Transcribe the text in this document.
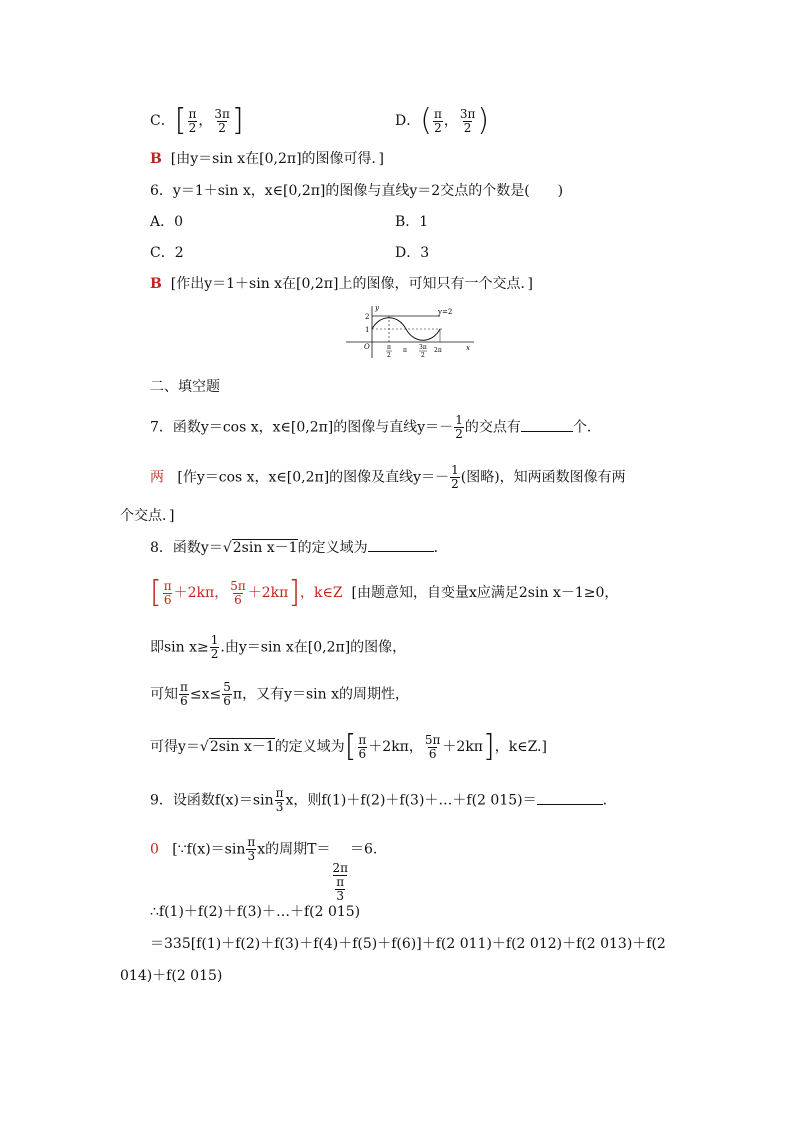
C．[ $\frac{\pi}{2}$ ， $\frac{3\pi}{2}$ ]	D．( $\frac{\pi}{2}$ ， $\frac{3\pi}{2}$ )
B [由y＝sin x在[0,2π]的图像可得．]
6．y＝1＋sin x，x∈[0,2π]的图像与直线y＝2交点的个数是(　　)
A．0	B．1
C．2	D．3
B [作出y＝1＋sin x在[0,2π]上的图像，可知只有一个交点．]
y
x
y=2
2
1
O	π
2
π 3π
2
2π
二、填空题
7．函数y＝cos x，x∈[0,2π]的图像与直线$y=- \frac{1}{2}$ 的交点有	个．
两 [作y＝cos x，x∈[0,2π]的图像及直线$y=- \frac{1}{2}$ (图略)，知两函数图像有两
个交点．]
8．函数y＝√2sin x－1的定义域为	．
[ $\frac{\pi}{6} +2k\pi$， $\frac{5\pi}{6} +2k\pi$]，k∈Z [由题意知，自变量x应满足2sin x－1≥0，
即$\sin x\ge \frac{1}{2}$ .由y＝sin x在[0,2π]的图像，
可知 $\frac{\pi}{6} \le x\le \frac{5}{6}$ π，又有y＝sin x的周期性，
可得y＝√2sin x－1的定义域为[ $\frac{\pi}{6} +2k\pi$， $\frac{5\pi}{6} +2k\pi$]，k∈Z.]
9．设函数$f(x)=\sin \frac{\pi}{3}$ x，则f(1)＋f(2)＋f(3)＋…＋f(2 015)＝	.
0 [∵f(x)＝sin $\frac{\pi}{3}$ x的周期T＝
$\frac{2\pi}{\frac{\pi}{3}}$
＝6.
∴f(1)＋f(2)＋f(3)＋…＋f(2 015)
＝335[f(1)＋f(2)＋f(3)＋f(4)＋f(5)＋f(6)]＋f(2 011)＋f(2 012)＋f(2 013)＋f(2
014)＋f(2 015)
